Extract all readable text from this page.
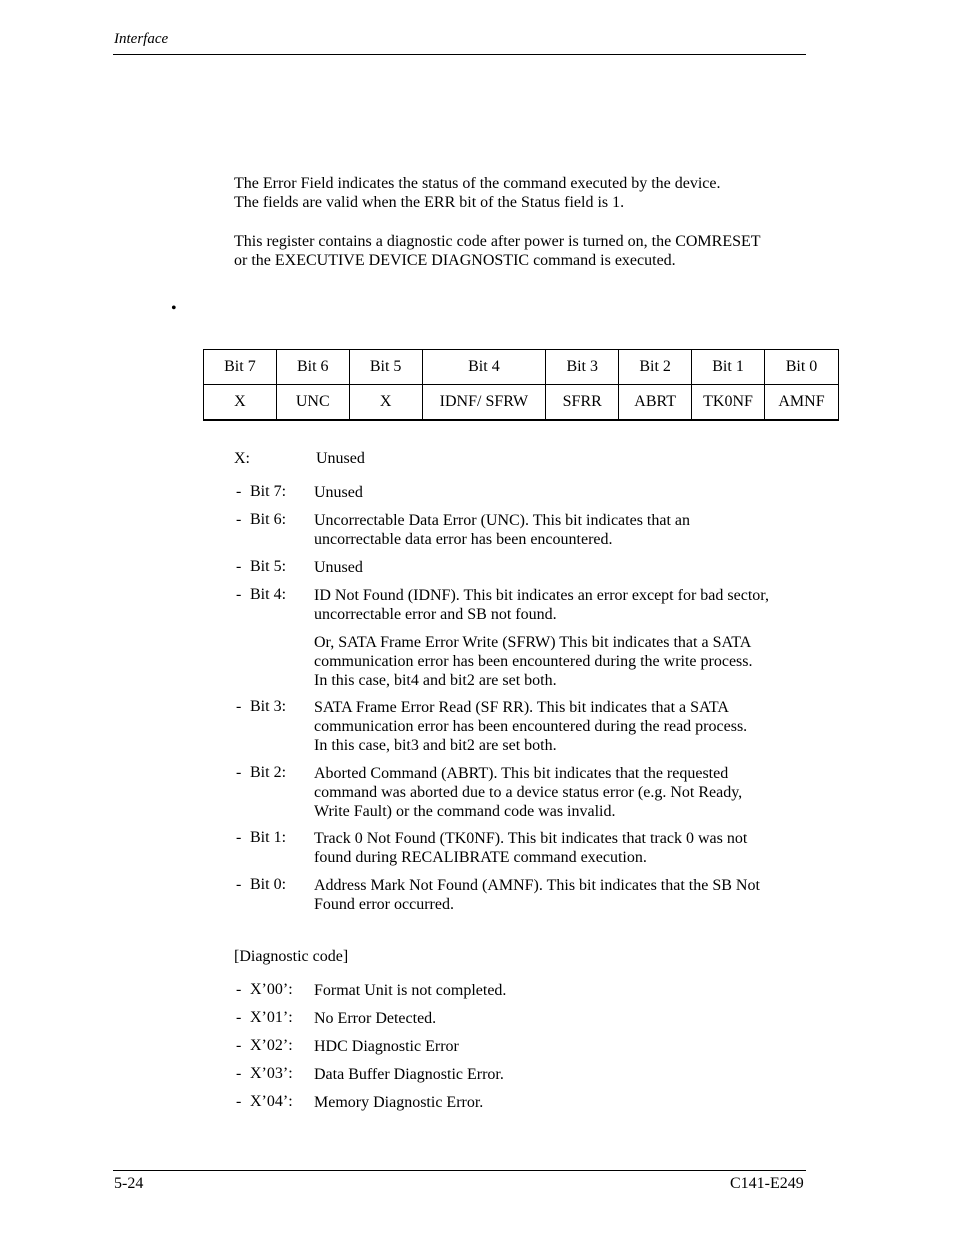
Interface
The Error Field indicates the status of the command executed by the device.
The fields are valid when the ERR bit of the Status field is 1.
This register contains a diagnostic code after power is turned on, the COMRESET
or the EXECUTIVE DEVICE DIAGNOSTIC command is executed.
•
Bit 7	Bit 6	Bit 5	Bit 4	Bit 3	Bit 2	Bit 1	Bit 0
X	UNC	X	IDNF/ SFRW	SFRR	ABRT	TK0NF	AMNF
X:	Unused
- Bit 7: Unused
- Bit 6: Uncorrectable Data Error (UNC). This bit indicates that an
uncorrectable data error has been encountered.
- Bit 5: Unused
- Bit 4: ID Not Found (IDNF). This bit indicates an error except for bad sector,
uncorrectable error and SB not found.
Or, SATA Frame Error Write (SFRW) This bit indicates that a SATA
communication error has been encountered during the write process.
In this case, bit4 and bit2 are set both.
- Bit 3: SATA Frame Error Read (SF RR). This bit indicates that a SATA
communication error has been encountered during the read process.
In this case, bit3 and bit2 are set both.
- Bit 2: Aborted Command (ABRT). This bit indicates that the requested
command was aborted due to a device status error (e.g. Not Ready,
Write Fault) or the command code was invalid.
- Bit 1: Track 0 Not Found (TK0NF). This bit indicates that track 0 was not
found during RECALIBRATE command execution.
- Bit 0: Address Mark Not Found (AMNF). This bit indicates that the SB Not
Found error occurred.
[Diagnostic code]
- X’00’: Format Unit is not completed.
- X’01’: No Error Detected.
- X’02’: HDC Diagnostic Error
- X’03’: Data Buffer Diagnostic Error.
- X’04’: Memory Diagnostic Error.
5-24	C141-E249
